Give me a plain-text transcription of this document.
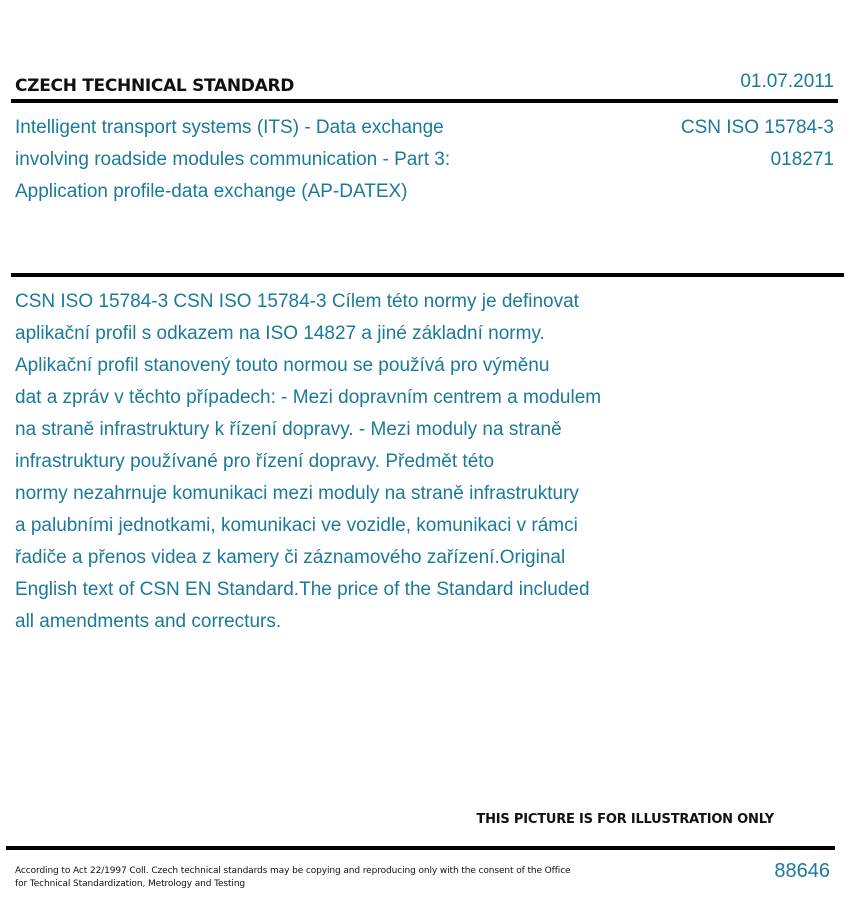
CZECH TECHNICAL STANDARD	01.07.2011
Intelligent transport systems (ITS) - Data exchange
involving roadside modules communication - Part 3:
Application profile-data exchange (AP-DATEX)
CSN ISO 15784-3
018271
CSN ISO 15784-3 CSN ISO 15784-3 Cílem této normy je definovat
aplikační profil s odkazem na ISO 14827 a jiné základní normy.
Aplikační profil stanovený touto normou se používá pro výměnu
dat a zpráv v těchto případech: - Mezi dopravním centrem a modulem
na straně infrastruktury k řízení dopravy. - Mezi moduly na straně
infrastruktury používané pro řízení dopravy. Předmět této
normy nezahrnuje komunikaci mezi moduly na straně infrastruktury
a palubními jednotkami, komunikaci ve vozidle, komunikaci v rámci
řadiče a přenos videa z kamery či záznamového zařízení.Original
English text of CSN EN Standard.The price of the Standard included
all amendments and correcturs.
THIS PICTURE IS FOR ILLUSTRATION ONLY
According to Act 22/1997 Coll. Czech technical standards may be copying and reproducing only with the consent of the Office
for Technical Standardization, Metrology and Testing
88646
